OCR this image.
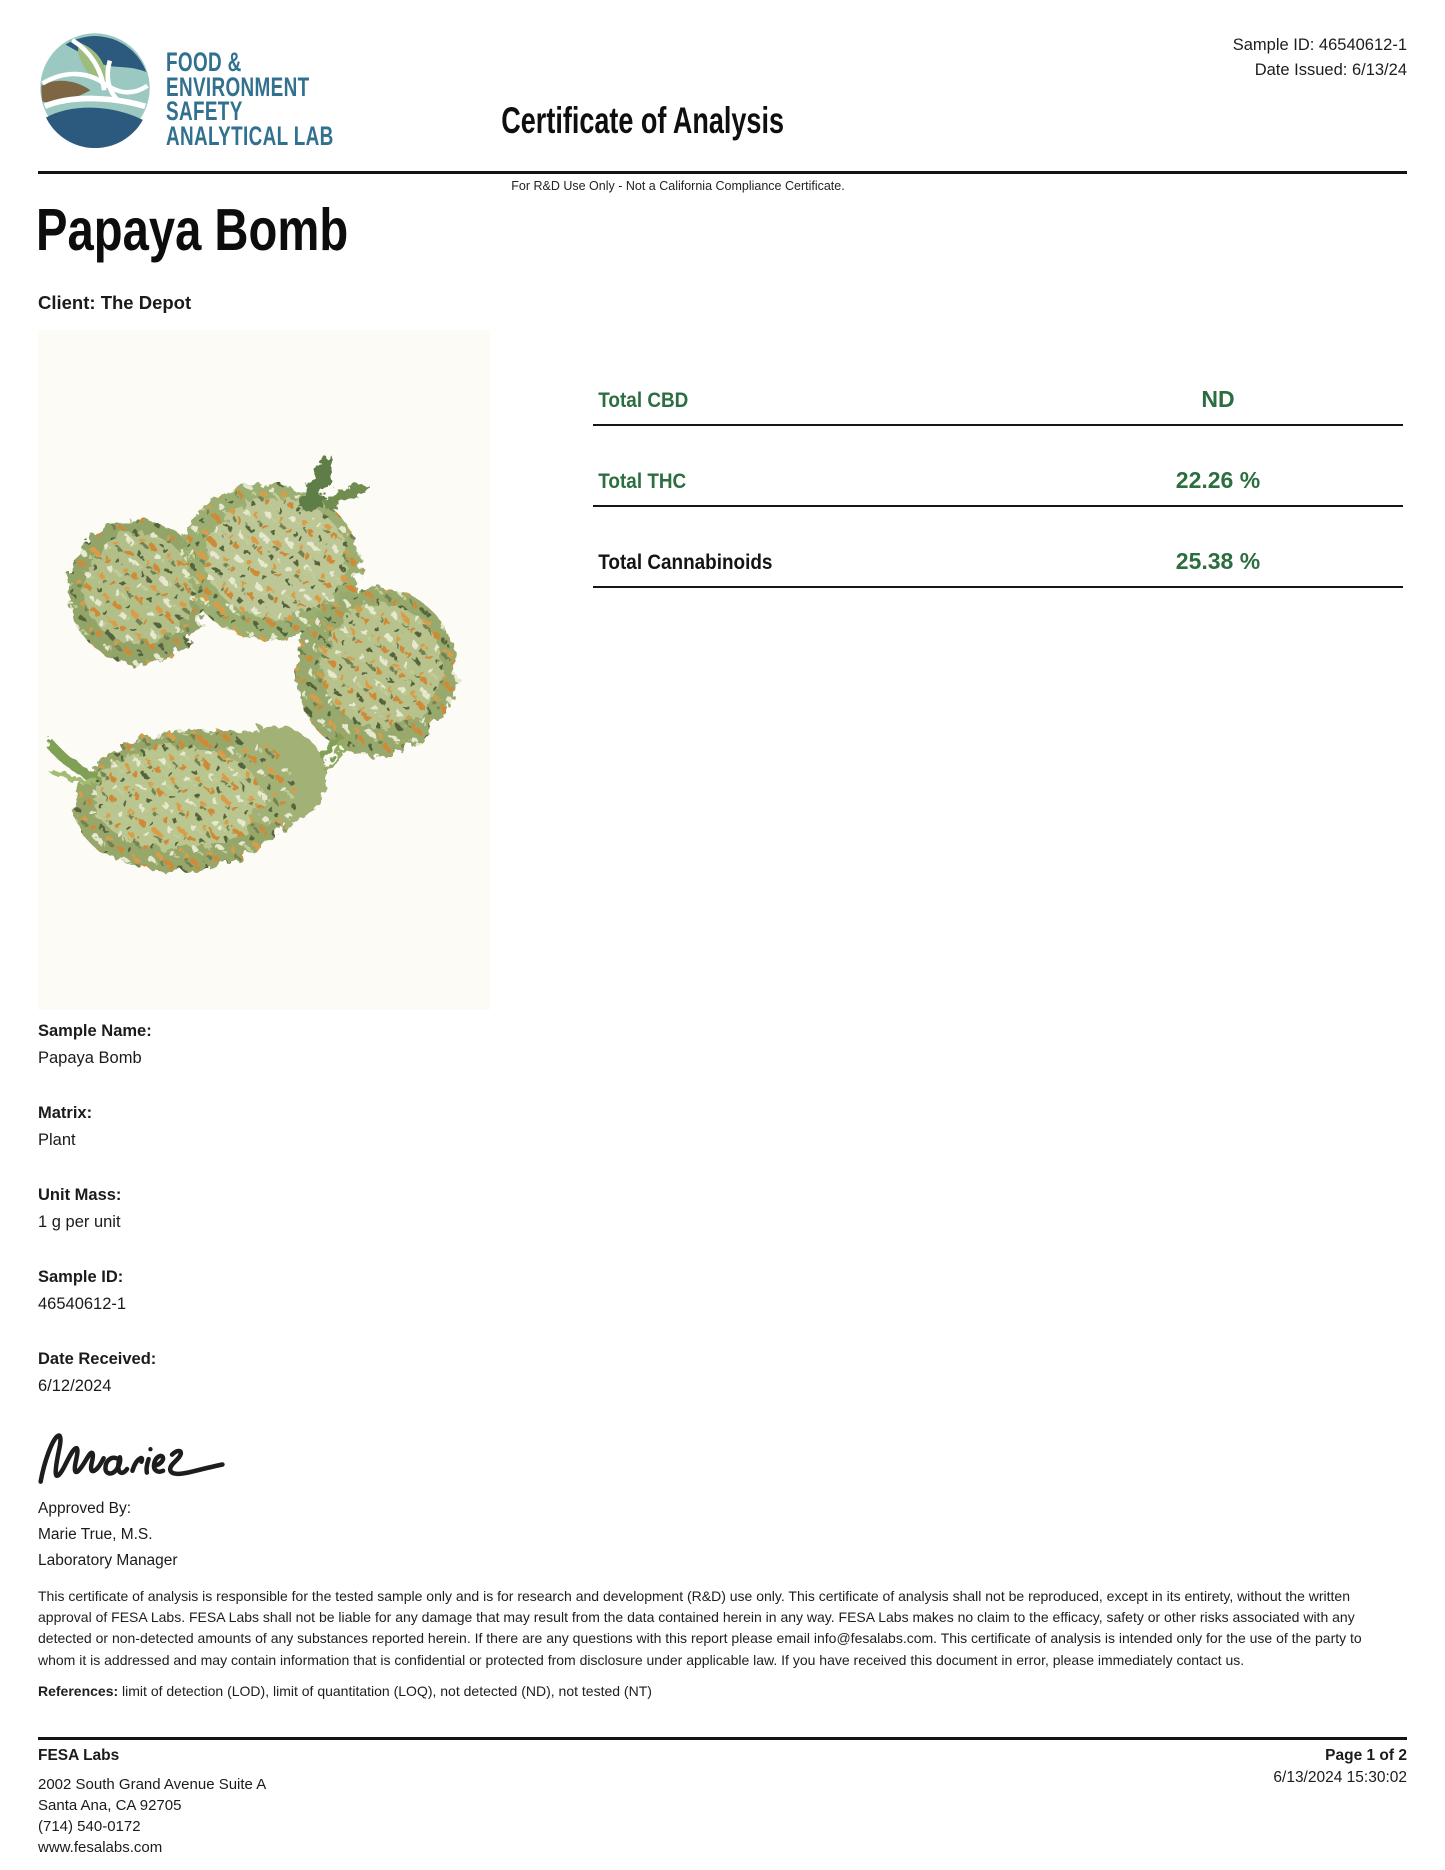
Sample ID: 46540612-1
Date Issued: 6/13/24
FOOD &
ENVIRONMENT
SAFETY
ANALYTICAL LAB	Certificate of Analysis
For R&D Use Only - Not a California Compliance Certificate.
Papaya Bomb
Client: The Depot
Total CBD	ND
Total THC	22.26 %
Total Cannabinoids	25.38 %
Sample Name:
Papaya Bomb
Matrix:
Plant
Unit Mass:
1 g per unit
Sample ID:
46540612-1
Date Received:
6/12/2024
Approved By:
Marie True, M.S.
Laboratory Manager
This certificate of analysis is responsible for the tested sample only and is for research and development (R&D) use only. This certificate of analysis shall not be reproduced, except in its entirety, without the written approval of FESA Labs. FESA Labs shall not be liable for any damage that may result from the data contained herein in any way. FESA Labs makes no claim to the efficacy, safety or other risks associated with any detected or non-detected amounts of any substances reported herein. If there are any questions with this report please email info@fesalabs.com. This certificate of analysis is intended only for the use of the party to whom it is addressed and may contain information that is confidential or protected from disclosure under applicable law. If you have received this document in error, please immediately contact us.
References: limit of detection (LOD), limit of quantitation (LOQ), not detected (ND), not tested (NT)
FESA Labs
2002 South Grand Avenue Suite A
Santa Ana, CA 92705
(714) 540-0172
www.fesalabs.com
Page 1 of 2
6/13/2024 15:30:02
